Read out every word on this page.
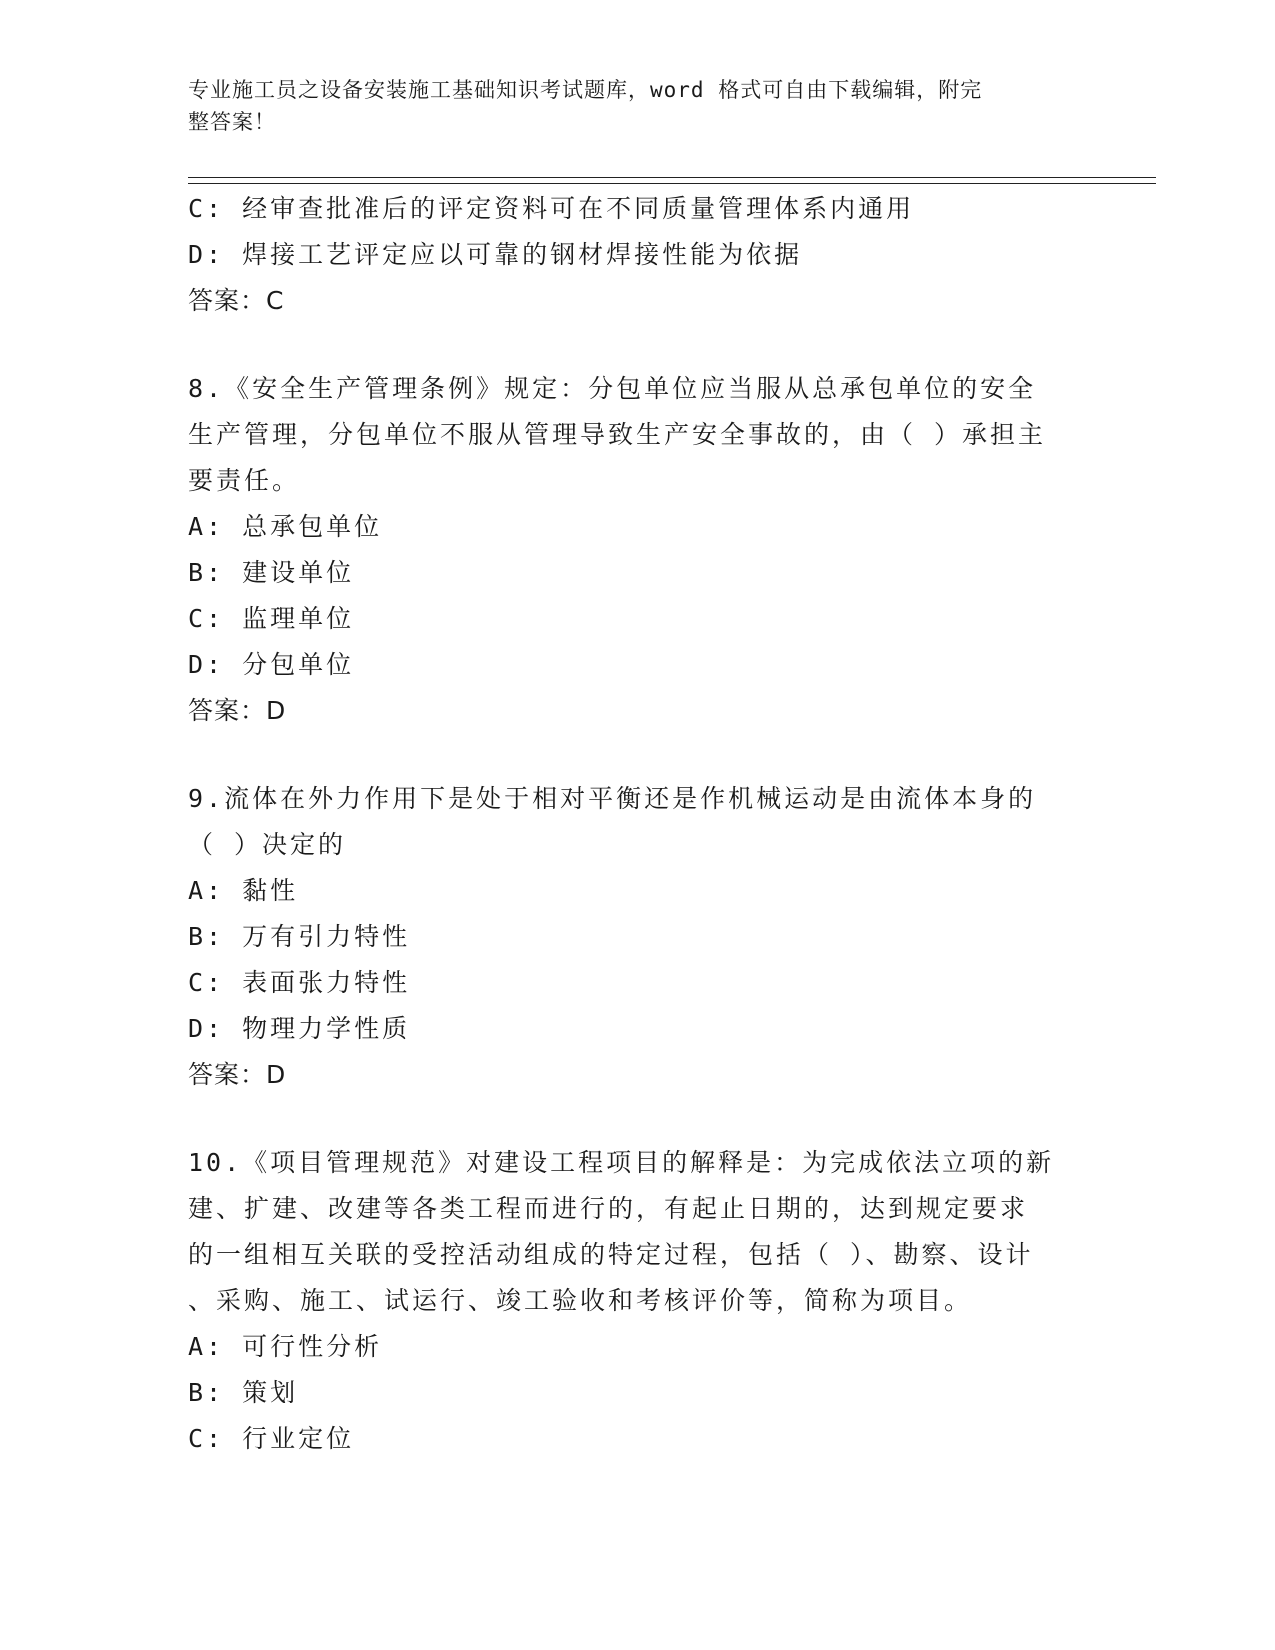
专业施工员之设备安装施工基础知识考试题库，word 格式可自由下载编辑，附完
整答案！
C: 经审查批准后的评定资料可在不同质量管理体系内通用
D: 焊接工艺评定应以可靠的钢材焊接性能为依据
答案：C
8.《安全生产管理条例》规定：分包单位应当服从总承包单位的安全
生产管理，分包单位不服从管理导致生产安全事故的，由（ ）承担主
要责任。
A: 总承包单位
B: 建设单位
C: 监理单位
D: 分包单位
答案：D
9.流体在外力作用下是处于相对平衡还是作机械运动是由流体本身的
（ ）决定的
A: 黏性
B: 万有引力特性
C: 表面张力特性
D: 物理力学性质
答案：D
10.《项目管理规范》对建设工程项目的解释是：为完成依法立项的新
建、扩建、改建等各类工程而进行的，有起止日期的，达到规定要求
的一组相互关联的受控活动组成的特定过程，包括（ ）、勘察、设计
、采购、施工、试运行、竣工验收和考核评价等，简称为项目。
A: 可行性分析
B: 策划
C: 行业定位
